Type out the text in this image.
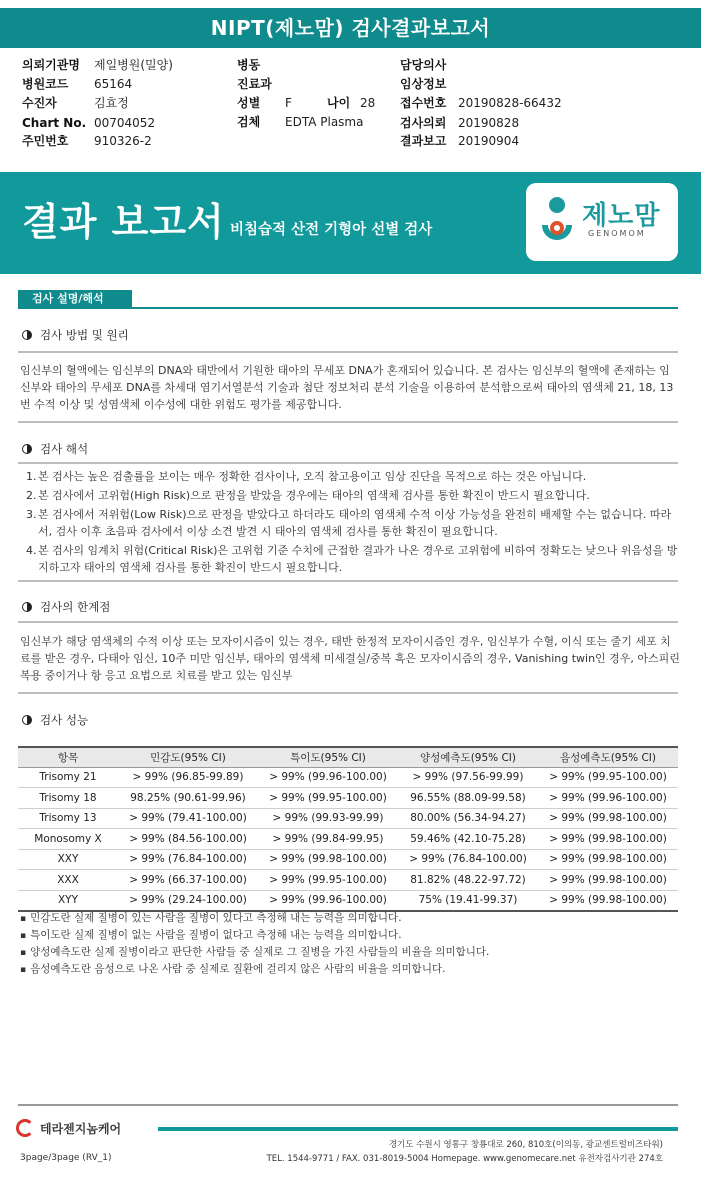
NIPT(제노맘) 검사결과보고서
의뢰기관명 제일병원(밀양)
병원코드 65164
수진자	김효정
Chart No. 00704052
주민번호 910326-2
병동
진료과
성별 F	나이 28
검체 EDTA Plasma
담당의사
임상정보
접수번호 20190828-66432
검사의뢰 20190828
결과보고 20190904
결과 보고서 비침습적 산전 기형아 선별 검사	제노맘
GENOMOM
검사 설명/해석
검사 방법 및 원리
임신부의 혈액에는 임신부의 DNA와 태반에서 기원한 태아의 무세포 DNA가 혼재되어 있습니다. 본 검사는 임신부의 혈액에 존재하는 임신부와 태아의 무세포 DNA를 차세대 염기서열분석 기술과 첨단 정보처리 분석 기술을 이용하여 분석함으로써 태아의 염색체 21, 18, 13번 수적 이상 및 성염색체 이수성에 대한 위험도 평가를 제공합니다.
검사 해석
1. 본 검사는 높은 검출률을 보이는 매우 정확한 검사이나, 오직 참고용이고 임상 진단을 목적으로 하는 것은 아닙니다.
2. 본 검사에서 고위험(High Risk)으로 판정을 받았을 경우에는 태아의 염색체 검사를 통한 확진이 반드시 필요합니다.
3. 본 검사에서 저위험(Low Risk)으로 판정을 받았다고 하더라도 태아의 염색체 수적 이상 가능성을 완전히 배제할 수는 없습니다. 따라서, 검사 이후 초음파 검사에서 이상 소견 발견 시 태아의 염색체 검사를 통한 확진이 필요합니다.
4. 본 검사의 임계치 위험(Critical Risk)은 고위험 기준 수치에 근접한 결과가 나온 경우로 고위험에 비하여 정확도는 낮으나 위음성을 방지하고자 태아의 염색체 검사를 통한 확진이 반드시 필요합니다.
검사의 한계점
임신부가 해당 염색체의 수적 이상 또는 모자이시즘이 있는 경우, 태반 한정적 모자이시즘인 경우, 임신부가 수혈, 이식 또는 줄기 세포 치료를 받은 경우, 다태아 임신, 10주 미만 임신부, 태아의 염색체 미세결실/중복 혹은 모자이시즘의 경우, Vanishing twin인 경우, 아스피린 복용 중이거나 항 응고 요법으로 치료를 받고 있는 임신부
검사 성능
항목	민감도(95% CI)	특이도(95% CI)	양성예측도(95% CI)	음성예측도(95% CI)
Trisomy 21	> 99% (96.85-99.89)	> 99% (99.96-100.00)	> 99% (97.56-99.99)	> 99% (99.95-100.00)
Trisomy 18	98.25% (90.61-99.96)	> 99% (99.95-100.00)	96.55% (88.09-99.58)	> 99% (99.96-100.00)
Trisomy 13	> 99% (79.41-100.00)	> 99% (99.93-99.99)	80.00% (56.34-94.27)	> 99% (99.98-100.00)
Monosomy X	> 99% (84.56-100.00)	> 99% (99.84-99.95)	59.46% (42.10-75.28)	> 99% (99.98-100.00)
XXY	> 99% (76.84-100.00)	> 99% (99.98-100.00)	> 99% (76.84-100.00)	> 99% (99.98-100.00)
XXX	> 99% (66.37-100.00)	> 99% (99.95-100.00)	81.82% (48.22-97.72)	> 99% (99.98-100.00)
XYY	> 99% (29.24-100.00)	> 99% (99.96-100.00)	75% (19.41-99.37)	> 99% (99.98-100.00)
▪ 민감도란 실제 질병이 있는 사람을 질병이 있다고 측정해 내는 능력을 의미합니다.
▪ 특이도란 실제 질병이 없는 사람을 질병이 없다고 측정해 내는 능력을 의미합니다.
▪ 양성예측도란 실제 질병이라고 판단한 사람들 중 실제로 그 질병을 가진 사람들의 비율을 의미합니다.
▪ 음성예측도란 음성으로 나온 사람 중 실제로 질환에 걸리지 않은 사람의 비율을 의미합니다.
테라젠지놈케어
경기도 수원시 영통구 창룡대로 260, 810호(이의동, 광교센트럴비즈타워)
TEL. 1544-9771 / FAX. 031-8019-5004 Homepage. www.genomecare.net 유전자검사기관 274호
3page/3page (RV_1)
